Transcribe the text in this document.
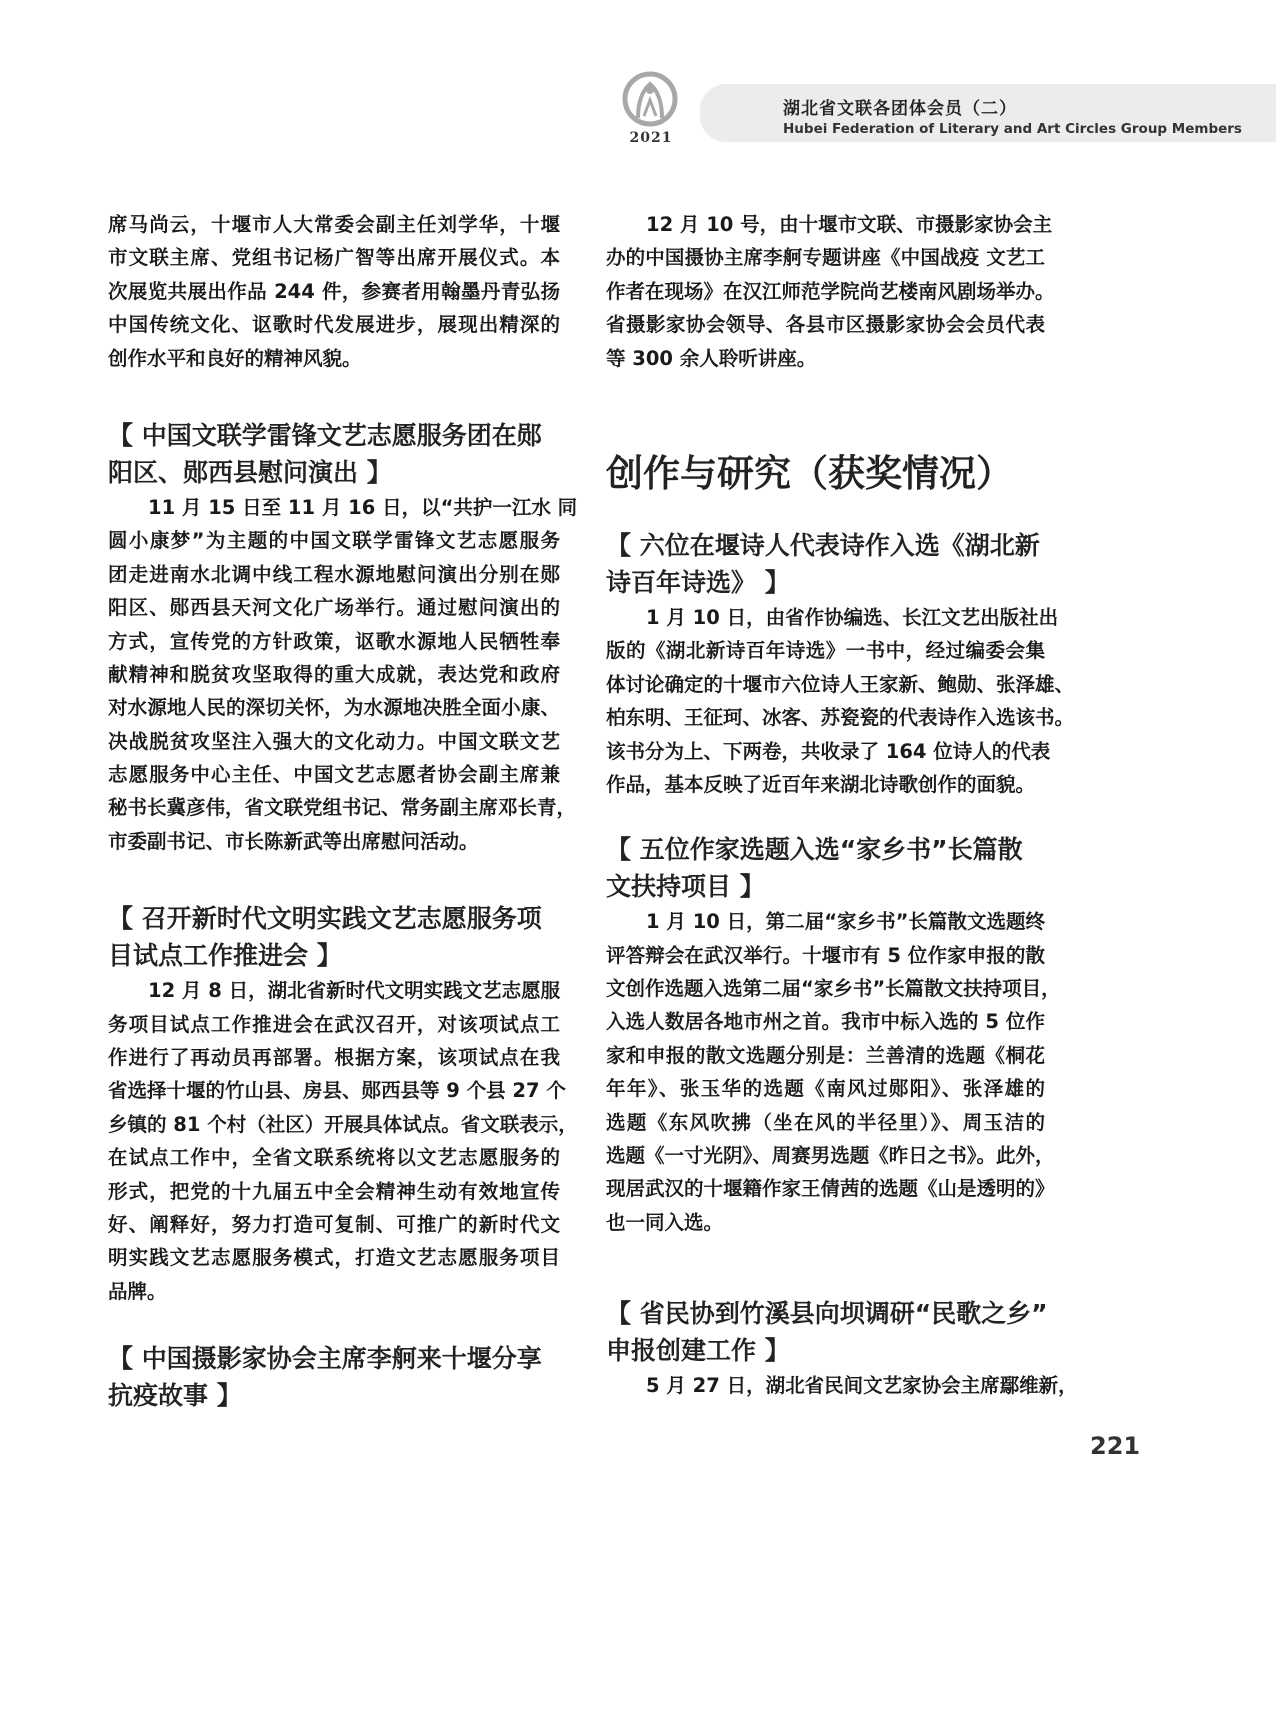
2021
湖北省文联各团体会员（二）
Hubei Federation of Literary and Art Circles Group Members
席马尚云，十堰市人大常委会副主任刘学华，十堰
市文联主席、党组书记杨广智等出席开展仪式。本
次展览共展出作品 244 件，参赛者用翰墨丹青弘扬
中国传统文化、讴歌时代发展进步，展现出精深的
创作水平和良好的精神风貌。
【 中国文联学雷锋文艺志愿服务团在郧
阳区、郧西县慰问演出 】
11 月 15 日至 11 月 16 日，以“共护一江水 同
圆小康梦”为主题的中国文联学雷锋文艺志愿服务
团走进南水北调中线工程水源地慰问演出分别在郧
阳区、郧西县天河文化广场举行。通过慰问演出的
方式，宣传党的方针政策，讴歌水源地人民牺牲奉
献精神和脱贫攻坚取得的重大成就，表达党和政府
对水源地人民的深切关怀，为水源地决胜全面小康、
决战脱贫攻坚注入强大的文化动力。中国文联文艺
志愿服务中心主任、中国文艺志愿者协会副主席兼
秘书长冀彦伟，省文联党组书记、常务副主席邓长青，
市委副书记、市长陈新武等出席慰问活动。
【 召开新时代文明实践文艺志愿服务项
目试点工作推进会 】
12 月 8 日，湖北省新时代文明实践文艺志愿服
务项目试点工作推进会在武汉召开，对该项试点工
作进行了再动员再部署。根据方案，该项试点在我
省选择十堰的竹山县、房县、郧西县等 9 个县 27 个
乡镇的 81 个村（社区）开展具体试点。省文联表示，
在试点工作中，全省文联系统将以文艺志愿服务的
形式，把党的十九届五中全会精神生动有效地宣传
好、阐释好，努力打造可复制、可推广的新时代文
明实践文艺志愿服务模式，打造文艺志愿服务项目
品牌。
【 中国摄影家协会主席李舸来十堰分享
抗疫故事 】
12 月 10 号，由十堰市文联、市摄影家协会主
办的中国摄协主席李舸专题讲座《中国战疫 文艺工
作者在现场》在汉江师范学院尚艺楼南风剧场举办。
省摄影家协会领导、各县市区摄影家协会会员代表
等 300 余人聆听讲座。
创作与研究（获奖情况）
【 六位在堰诗人代表诗作入选《湖北新
诗百年诗选》 】
1 月 10 日，由省作协编选、长江文艺出版社出
版的《湖北新诗百年诗选》一书中，经过编委会集
体讨论确定的十堰市六位诗人王家新、鲍勋、张泽雄、
柏东明、王征珂、冰客、苏瓷瓷的代表诗作入选该书。
该书分为上、下两卷，共收录了 164 位诗人的代表
作品，基本反映了近百年来湖北诗歌创作的面貌。
【 五位作家选题入选“家乡书”长篇散
文扶持项目 】
1 月 10 日，第二届“家乡书”长篇散文选题终
评答辩会在武汉举行。十堰市有 5 位作家申报的散
文创作选题入选第二届“家乡书”长篇散文扶持项目，
入选人数居各地市州之首。我市中标入选的 5 位作
家和申报的散文选题分别是：兰善清的选题《桐花
年年》、张玉华的选题《南风过郧阳》、张泽雄的
选题《东风吹拂（坐在风的半径里）》、周玉洁的
选题《一寸光阴》、周赛男选题《昨日之书》。此外，
现居武汉的十堰籍作家王倩茜的选题《山是透明的》
也一同入选。
【 省民协到竹溪县向坝调研“民歌之乡”
申报创建工作 】
5 月 27 日，湖北省民间文艺家协会主席鄢维新，
221
